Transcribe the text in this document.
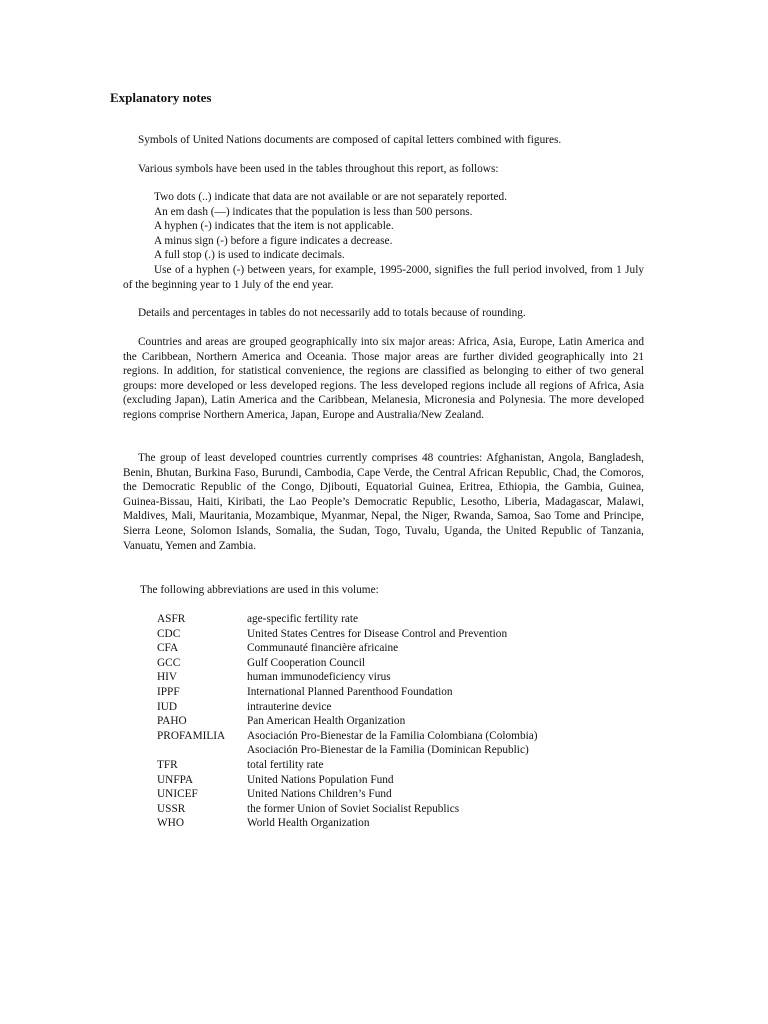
Explanatory notes
Symbols of United Nations documents are composed of capital letters combined with figures.
Various symbols have been used in the tables throughout this report, as follows:
Two dots (..) indicate that data are not available or are not separately reported.
An em dash (—) indicates that the population is less than 500 persons.
A hyphen (-) indicates that the item is not applicable.
A minus sign (-) before a figure indicates a decrease.
A full stop (.) is used to indicate decimals.
Use of a hyphen (-) between years, for example, 1995-2000, signifies the full period involved, from 1 July of the beginning year to 1 July of the end year.
Details and percentages in tables do not necessarily add to totals because of rounding.
Countries and areas are grouped geographically into six major areas: Africa, Asia, Europe, Latin America and the Caribbean, Northern America and Oceania. Those major areas are further divided geographically into 21 regions. In addition, for statistical convenience, the regions are classified as belonging to either of two general groups: more developed or less developed regions. The less developed regions include all regions of Africa, Asia (excluding Japan), Latin America and the Caribbean, Melanesia, Micronesia and Polynesia. The more developed regions comprise Northern America, Japan, Europe and Australia/New Zealand.
The group of least developed countries currently comprises 48 countries: Afghanistan, Angola, Bangladesh, Benin, Bhutan, Burkina Faso, Burundi, Cambodia, Cape Verde, the Central African Republic, Chad, the Comoros, the Democratic Republic of the Congo, Djibouti, Equatorial Guinea, Eritrea, Ethiopia, the Gambia, Guinea, Guinea-Bissau, Haiti, Kiribati, the Lao People’s Democratic Republic, Lesotho, Liberia, Madagascar, Malawi, Maldives, Mali, Mauritania, Mozambique, Myanmar, Nepal, the Niger, Rwanda, Samoa, Sao Tome and Principe, Sierra Leone, Solomon Islands, Somalia, the Sudan, Togo, Tuvalu, Uganda, the United Republic of Tanzania, Vanuatu, Yemen and Zambia.
The following abbreviations are used in this volume:
ASFR	age-specific fertility rate
CDC	United States Centres for Disease Control and Prevention
CFA	Communauté financière africaine
GCC	Gulf Cooperation Council
HIV	human immunodeficiency virus
IPPF	International Planned Parenthood Foundation
IUD	intrauterine device
PAHO	Pan American Health Organization
PROFAMILIA	Asociación Pro-Bienestar de la Familia Colombiana (Colombia)
Asociación Pro-Bienestar de la Familia (Dominican Republic)
TFR	total fertility rate
UNFPA	United Nations Population Fund
UNICEF	United Nations Children’s Fund
USSR	the former Union of Soviet Socialist Republics
WHO	World Health Organization
